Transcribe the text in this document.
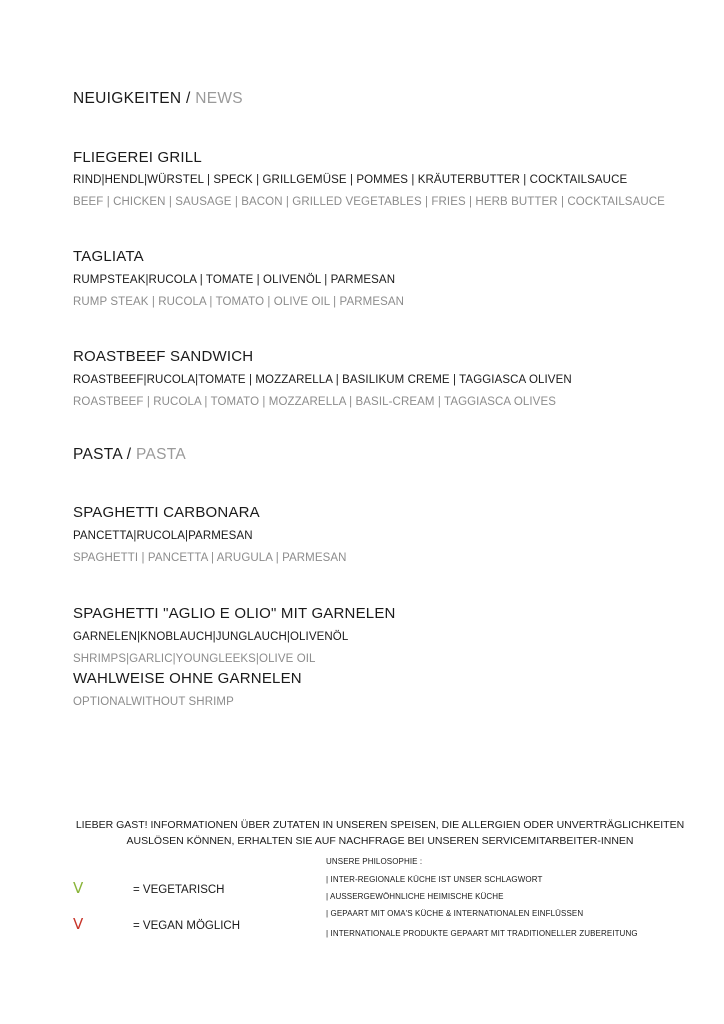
NEUIGKEITEN / NEWS
FLIEGEREI GRILL
RIND|HENDL|WÜRSTEL | SPECK | GRILLGEMÜSE | POMMES | KRÄUTERBUTTER | COCKTAILSAUCE
BEEF | CHICKEN | SAUSAGE | BACON | GRILLED VEGETABLES | FRIES | HERB BUTTER | COCKTAILSAUCE
TAGLIATA
RUMPSTEAK|RUCOLA | TOMATE | OLIVENÖL | PARMESAN
RUMP STEAK | RUCOLA | TOMATO | OLIVE OIL | PARMESAN
ROASTBEEF SANDWICH
ROASTBEEF|RUCOLA|TOMATE | MOZZARELLA | BASILIKUM CREME | TAGGIASCA OLIVEN
ROASTBEEF | RUCOLA | TOMATO | MOZZARELLA | BASIL-CREAM | TAGGIASCA OLIVES
PASTA / PASTA
SPAGHETTI CARBONARA
PANCETTA|RUCOLA|PARMESAN
SPAGHETTI | PANCETTA | ARUGULA | PARMESAN
SPAGHETTI "AGLIO E OLIO" MIT GARNELEN
GARNELEN|KNOBLAUCH|JUNGLAUCH|OLIVENÖL
SHRIMPS|GARLIC|YOUNGLEEKS|OLIVE OIL
WAHLWEISE OHNE GARNELEN
OPTIONALWITHOUT SHRIMP
LIEBER GAST! INFORMATIONEN ÜBER ZUTATEN IN UNSEREN SPEISEN, DIE ALLERGIEN ODER UNVERTRÄGLICHKEITEN
AUSLÖSEN KÖNNEN, ERHALTEN SIE AUF NACHFRAGE BEI UNSEREN SERVICEMITARBEITER-INNEN
V	= VEGETARISCH
V	= VEGAN MÖGLICH
UNSERE PHILOSOPHIE :
| INTER-REGIONALE KÜCHE IST UNSER SCHLAGWORT
| AUSSERGEWÖHNLICHE HEIMISCHE KÜCHE
| GEPAART MIT OMA'S KÜCHE & INTERNATIONALEN EINFLÜSSEN
| INTERNATIONALE PRODUKTE GEPAART MIT TRADITIONELLER ZUBEREITUNG
